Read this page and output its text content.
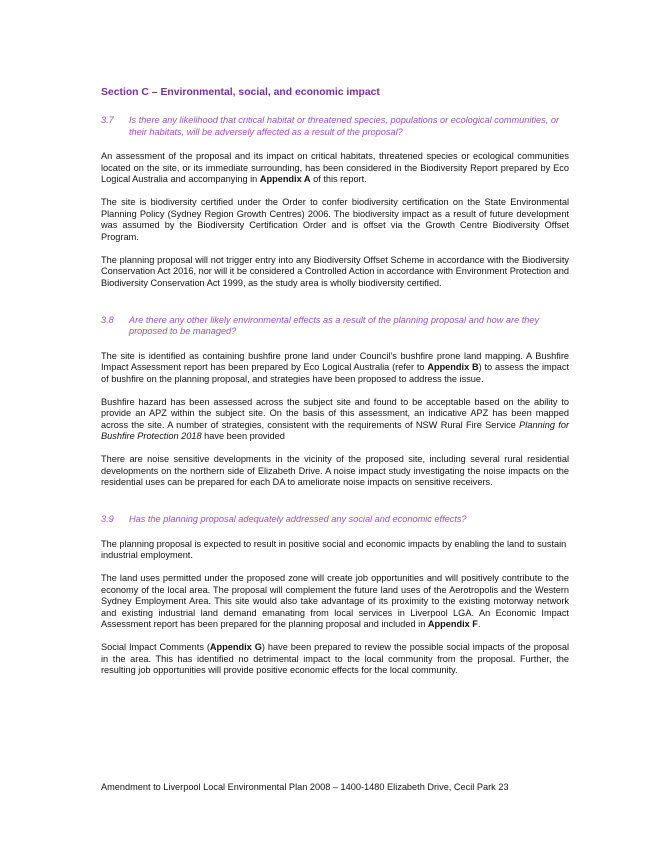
Section C – Environmental, social, and economic impact
3.7	Is there any likelihood that critical habitat or threatened species, populations or ecological communities, or their habitats, will be adversely affected as a result of the proposal?

An assessment of the proposal and its impact on critical habitats, threatened species or ecological communities located on the site, or its immediate surrounding, has been considered in the Biodiversity Report prepared by Eco Logical Australia and accompanying in Appendix A of this report.

The site is biodiversity certified under the Order to confer biodiversity certification on the State Environmental Planning Policy (Sydney Region Growth Centres) 2006. The biodiversity impact as a result of future development was assumed by the Biodiversity Certification Order and is offset via the Growth Centre Biodiversity Offset Program.

The planning proposal will not trigger entry into any Biodiversity Offset Scheme in accordance with the Biodiversity Conservation Act 2016, nor will it be considered a Controlled Action in accordance with Environment Protection and Biodiversity Conservation Act 1999, as the study area is wholly biodiversity certified.

3.8	Are there any other likely environmental effects as a result of the planning proposal and how are they proposed to be managed?

The site is identified as containing bushfire prone land under Council’s bushfire prone land mapping. A Bushfire Impact Assessment report has been prepared by Eco Logical Australia (refer to Appendix B) to assess the impact of bushfire on the planning proposal, and strategies have been proposed to address the issue.

Bushfire hazard has been assessed across the subject site and found to be acceptable based on the ability to provide an APZ within the subject site. On the basis of this assessment, an indicative APZ has been mapped across the site. A number of strategies, consistent with the requirements of NSW Rural Fire Service Planning for Bushfire Protection 2018 have been provided

There are noise sensitive developments in the vicinity of the proposed site, including several rural residential developments on the northern side of Elizabeth Drive. A noise impact study investigating the noise impacts on the residential uses can be prepared for each DA to ameliorate noise impacts on sensitive receivers.

3.9	Has the planning proposal adequately addressed any social and economic effects?

The planning proposal is expected to result in positive social and economic impacts by enabling the land to sustain industrial employment.

The land uses permitted under the proposed zone will create job opportunities and will positively contribute to the economy of the local area. The proposal will complement the future land uses of the Aerotropolis and the Western Sydney Employment Area. This site would also take advantage of its proximity to the existing motorway network and existing industrial land demand emanating from local services in Liverpool LGA. An Economic Impact Assessment report has been prepared for the planning proposal and included in Appendix F.

Social Impact Comments (Appendix G) have been prepared to review the possible social impacts of the proposal in the area. This has identified no detrimental impact to the local community from the proposal. Further, the resulting job opportunities will provide positive economic effects for the local community.

Amendment to Liverpool Local Environmental Plan 2008 – 1400-1480 Elizabeth Drive, Cecil Park 23
